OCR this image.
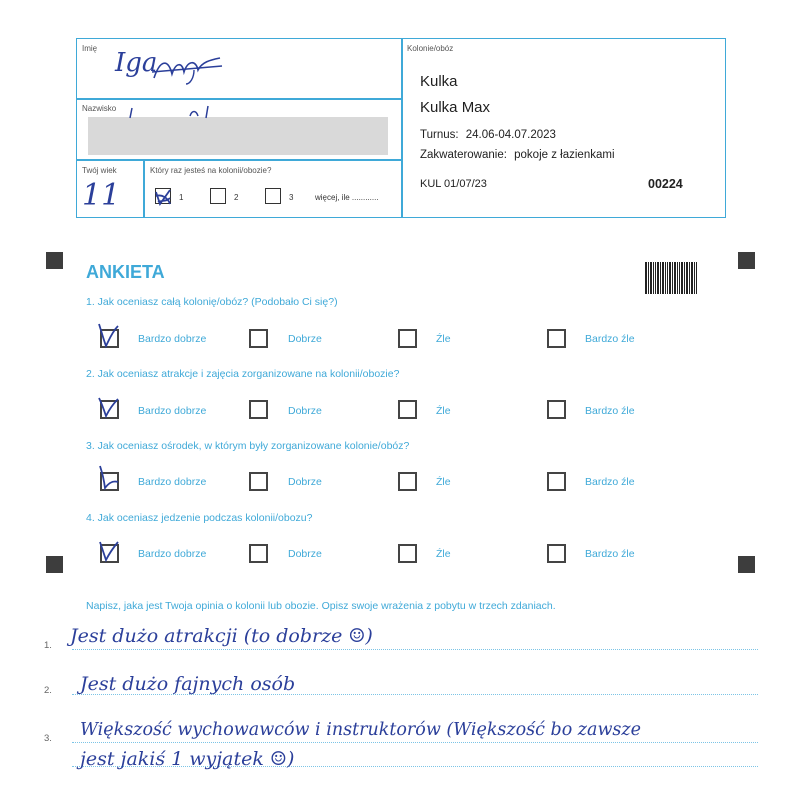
Imię Iga
Nazwisko
Twój wiek
11
Który raz jesteś na kolonii/obozie?
1	2	3	więcej, ile ............
Kolonie/obóz
Kulka
Kulka Max
Turnus: 24.06-04.07.2023
Zakwaterowanie: pokoje z łazienkami
KUL 01/07/23	00224
ANKIETA
1. Jak oceniasz całą kolonię/obóz? (Podobało Ci się?)
Bardzo dobrze	Dobrze	Źle	Bardzo źle
2. Jak oceniasz atrakcje i zajęcia zorganizowane na kolonii/obozie?
Bardzo dobrze	Dobrze	Źle	Bardzo źle
3. Jak oceniasz ośrodek, w którym były zorganizowane kolonie/obóz?
Bardzo dobrze	Dobrze	Źle	Bardzo źle
4. Jak oceniasz jedzenie podczas kolonii/obozu?
Bardzo dobrze	Dobrze	Źle	Bardzo źle
Napisz, jaka jest Twoja opinia o kolonii lub obozie. Opisz swoje wrażenia z pobytu w trzech zdaniach.
1. Jest dużo atrakcji (to dobrze ☺)
2. Jest dużo fajnych osób
3. Większość wychowawców i instruktorów (Większość bo zawsze
jest jakiś 1 wyjątek ☺)
